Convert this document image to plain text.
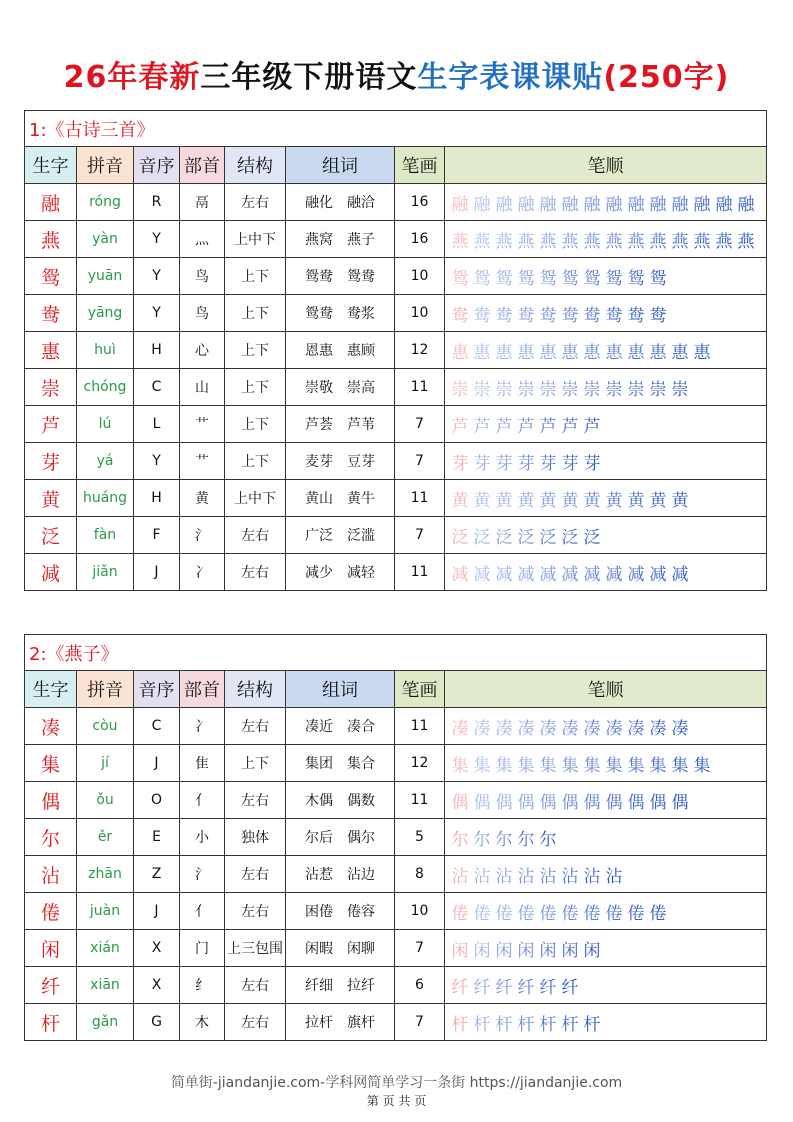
26年春新三年级下册语文生字表课课贴(250字)
1:《古诗三首》							
生字	拼音	音序	部首	结构	组词	笔画	笔顺
融	róng	R	鬲	左右	融化　融洽	16	融 融 融 融 融 融 融 融 融 融 融 融 融 融
燕	yàn	Y	灬	上中下	燕窝　燕子	16	燕 燕 燕 燕 燕 燕 燕 燕 燕 燕 燕 燕 燕 燕
鸳	yuān	Y	鸟	上下	鸳鸯　鸳鸯	10	鸳 鸳 鸳 鸳 鸳 鸳 鸳 鸳 鸳 鸳
鸯	yāng	Y	鸟	上下	鸳鸯　鸯浆	10	鸯 鸯 鸯 鸯 鸯 鸯 鸯 鸯 鸯 鸯
惠	huì	H	心	上下	恩惠　惠顾	12	惠 惠 惠 惠 惠 惠 惠 惠 惠 惠 惠 惠
崇	chóng	C	山	上下	崇敬　崇高	11	崇 崇 崇 崇 崇 崇 崇 崇 崇 崇 崇
芦	lú	L	艹	上下	芦荟　芦苇	7	芦 芦 芦 芦 芦 芦 芦
芽	yá	Y	艹	上下	麦芽　豆芽	7	芽 芽 芽 芽 芽 芽 芽
黄	huáng	H	黄	上中下	黄山　黄牛	11	黄 黄 黄 黄 黄 黄 黄 黄 黄 黄 黄
泛	fàn	F	氵	左右	广泛　泛滥	7	泛 泛 泛 泛 泛 泛 泛
减	jiǎn	J	冫	左右	减少　减轻	11	减 减 减 减 减 减 减 减 减 减 减
2:《燕子》							
生字	拼音	音序	部首	结构	组词	笔画	笔顺
凑	còu	C	冫	左右	凑近　凑合	11	凑 凑 凑 凑 凑 凑 凑 凑 凑 凑 凑
集	jí	J	隹	上下	集团　集合	12	集 集 集 集 集 集 集 集 集 集 集 集
偶	ǒu	O	亻	左右	木偶　偶数	11	偶 偶 偶 偶 偶 偶 偶 偶 偶 偶 偶
尔	ěr	E	小	独体	尔后　偶尔	5	尔 尔 尔 尔 尔
沾	zhān	Z	氵	左右	沾惹　沾边	8	沾 沾 沾 沾 沾 沾 沾 沾
倦	juàn	J	亻	左右	困倦　倦容	10	倦 倦 倦 倦 倦 倦 倦 倦 倦 倦
闲	xián	X	门	上三包围	闲暇　闲聊	7	闲 闲 闲 闲 闲 闲 闲
纤	xiān	X	纟	左右	纤细　拉纤	6	纤 纤 纤 纤 纤 纤
杆	gǎn	G	木	左右	拉杆　旗杆	7	杆 杆 杆 杆 杆 杆 杆
简单街-jiandanjie.com-学科网简单学习一条街 https://jiandanjie.com
第 页 共 页
